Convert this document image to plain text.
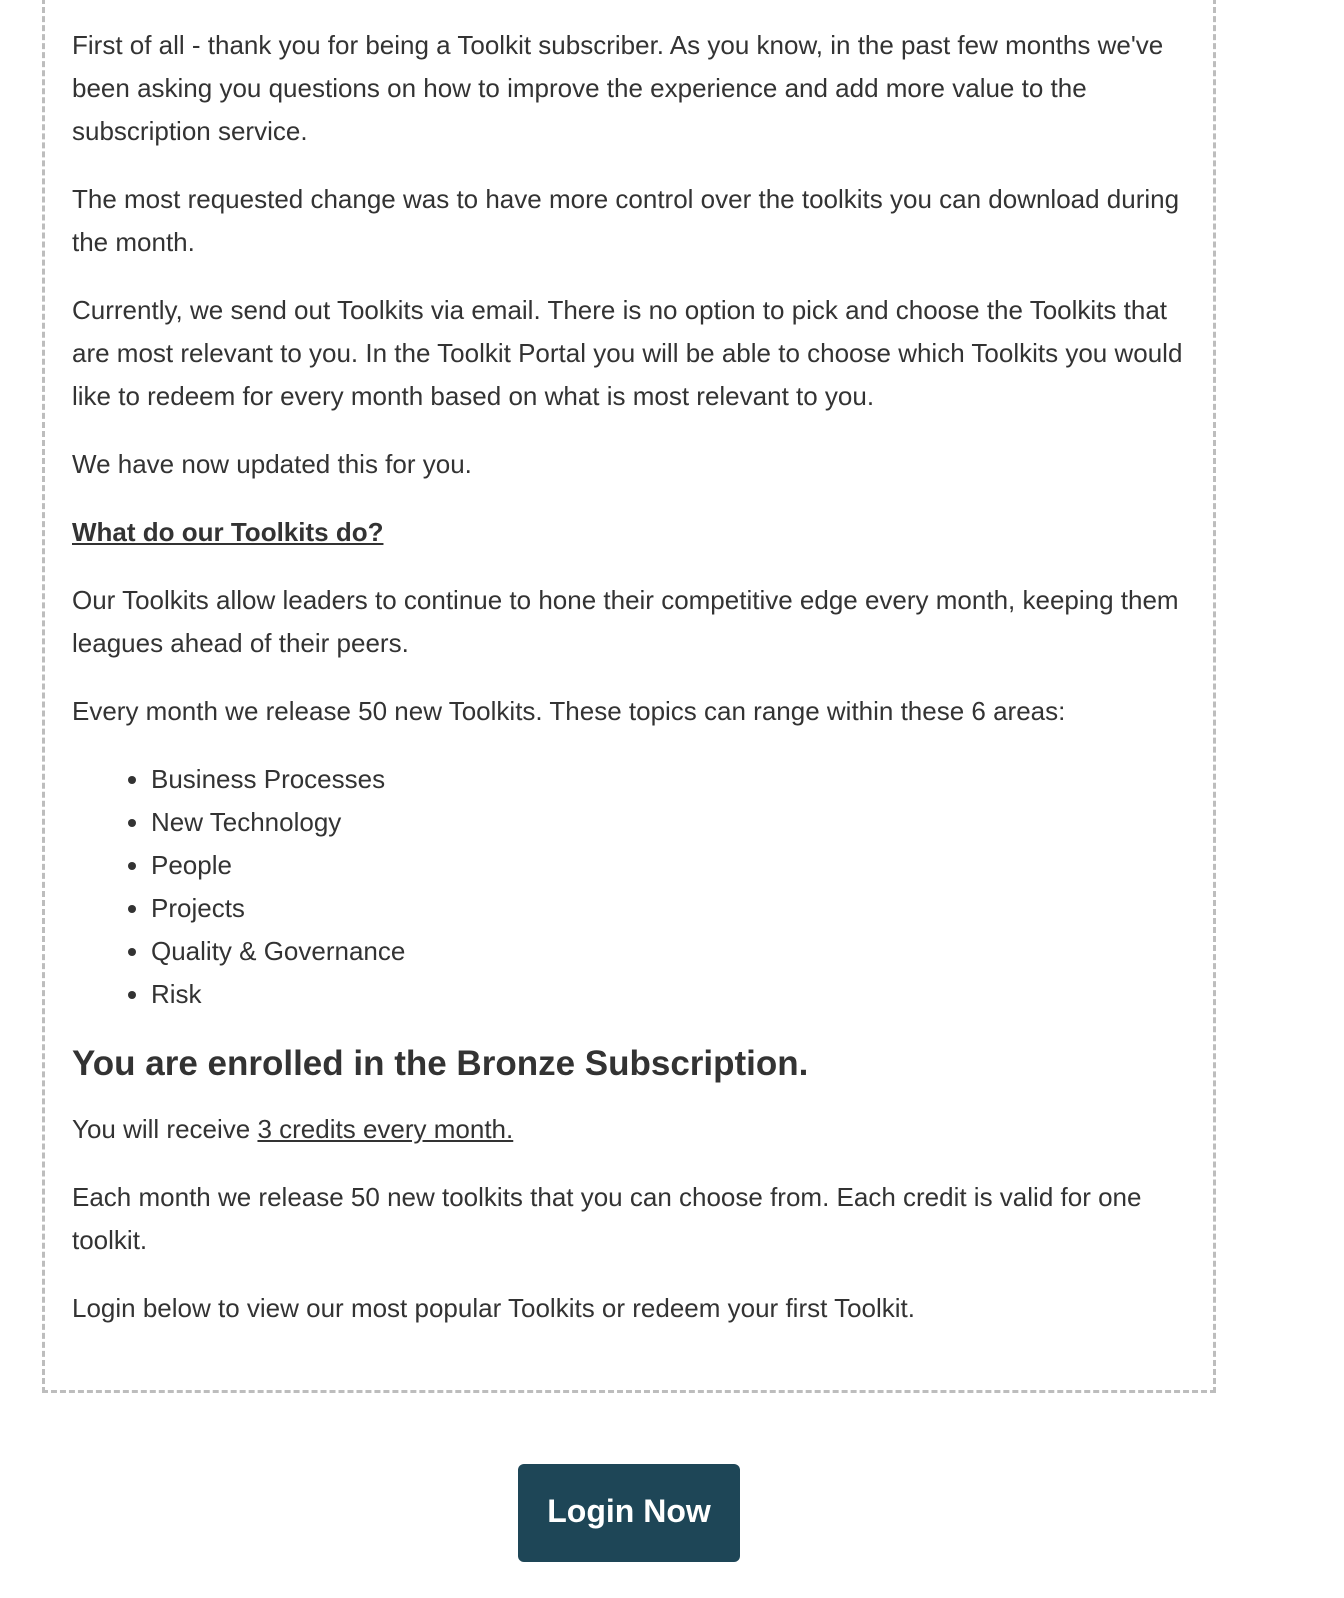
First of all - thank you for being a Toolkit subscriber. As you know, in the past few months we've been asking you questions on how to improve the experience and add more value to the subscription service.

The most requested change was to have more control over the toolkits you can download during the month.

Currently, we send out Toolkits via email. There is no option to pick and choose the Toolkits that are most relevant to you. In the Toolkit Portal you will be able to choose which Toolkits you would like to redeem for every month based on what is most relevant to you.

We have now updated this for you.

What do our Toolkits do?

Our Toolkits allow leaders to continue to hone their competitive edge every month, keeping them leagues ahead of their peers.

Every month we release 50 new Toolkits. These topics can range within these 6 areas:

• Business Processes
• New Technology
• People
• Projects
• Quality & Governance
• Risk
You are enrolled in the Bronze Subscription.

You will receive 3 credits every month.

Each month we release 50 new toolkits that you can choose from. Each credit is valid for one toolkit.

Login below to view our most popular Toolkits or redeem your first Toolkit.

Login Now
